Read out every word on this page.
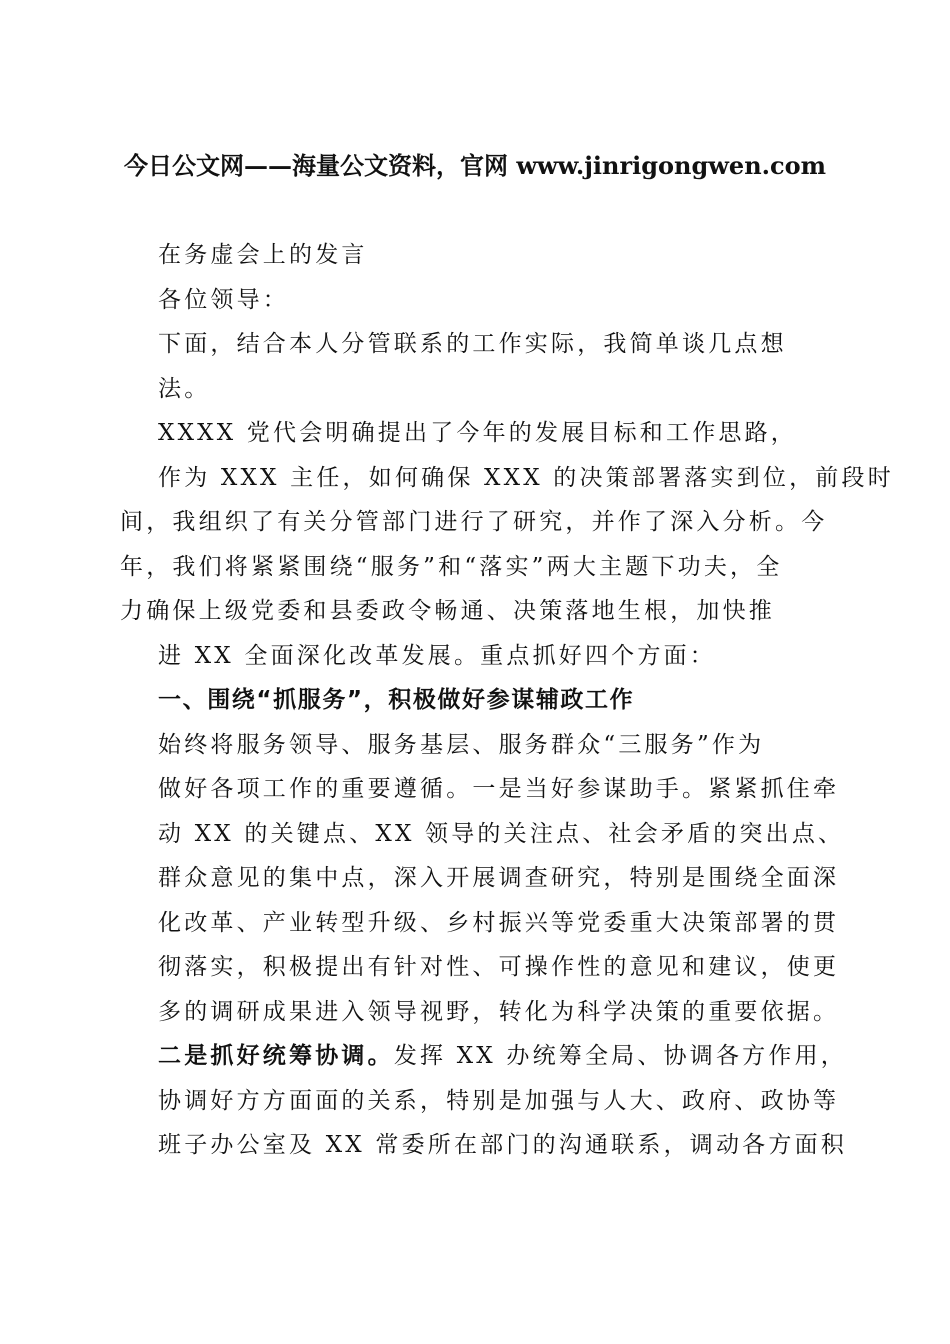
今日公文网——海量公文资料，官网 www.jinrigongwen.com
在务虚会上的发言
各位领导：
下面，结合本人分管联系的工作实际，我简单谈几点想
法。
XXXX 党代会明确提出了今年的发展目标和工作思路，
作为 XXX 主任，如何确保 XXX 的决策部署落实到位，前段时
间，我组织了有关分管部门进行了研究，并作了深入分析。今
年，我们将紧紧围绕“服务”和“落实”两大主题下功夫，全
力确保上级党委和县委政令畅通、决策落地生根，加快推
进 XX 全面深化改革发展。重点抓好四个方面：
一、围绕“抓服务”，积极做好参谋辅政工作
始终将服务领导、服务基层、服务群众“三服务”作为
做好各项工作的重要遵循。一是当好参谋助手。紧紧抓住牵
动 XX 的关键点、XX 领导的关注点、社会矛盾的突出点、
群众意见的集中点，深入开展调查研究，特别是围绕全面深
化改革、产业转型升级、乡村振兴等党委重大决策部署的贯
彻落实，积极提出有针对性、可操作性的意见和建议，使更
多的调研成果进入领导视野，转化为科学决策的重要依据。
二是抓好统筹协调。发挥 XX 办统筹全局、协调各方作用，
协调好方方面面的关系，特别是加强与人大、政府、政协等
班子办公室及 XX 常委所在部门的沟通联系，调动各方面积
